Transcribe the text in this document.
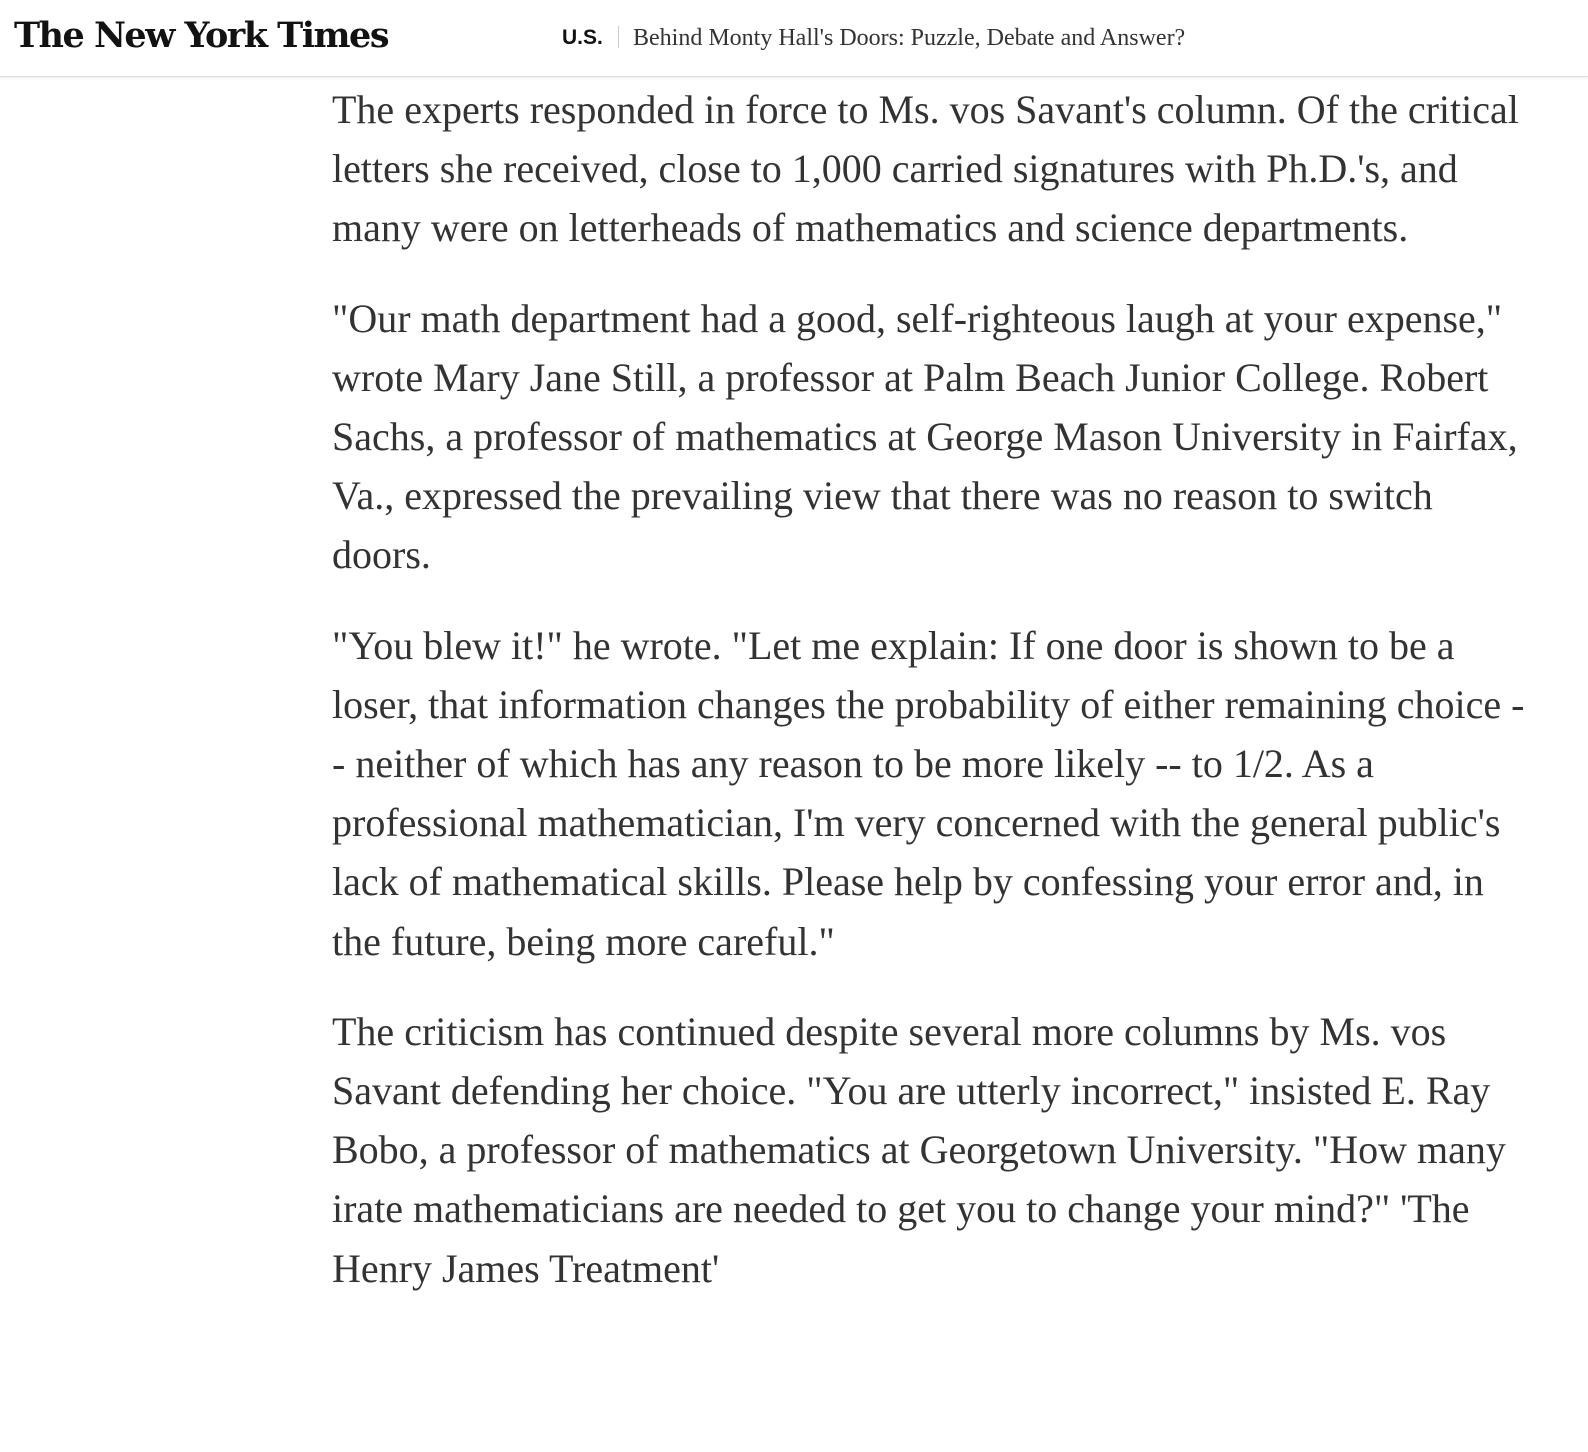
The New York Times	U.S. Behind Monty Hall's Doors: Puzzle, Debate and Answer?

The experts responded in force to Ms. vos Savant's column. Of the critical letters she received, close to 1,000 carried signatures with Ph.D.'s, and many were on letterheads of mathematics and science departments.

"Our math department had a good, self-righteous laugh at your expense," wrote Mary Jane Still, a professor at Palm Beach Junior College. Robert Sachs, a professor of mathematics at George Mason University in Fairfax, Va., expressed the prevailing view that there was no reason to switch doors.

"You blew it!" he wrote. "Let me explain: If one door is shown to be a loser, that information changes the probability of either remaining choice -- neither of which has any reason to be more likely -- to 1/2. As a professional mathematician, I'm very concerned with the general public's lack of mathematical skills. Please help by confessing your error and, in the future, being more careful."

The criticism has continued despite several more columns by Ms. vos Savant defending her choice. "You are utterly incorrect," insisted E. Ray Bobo, a professor of mathematics at Georgetown University. "How many irate mathematicians are needed to get you to change your mind?" 'The Henry James Treatment'
